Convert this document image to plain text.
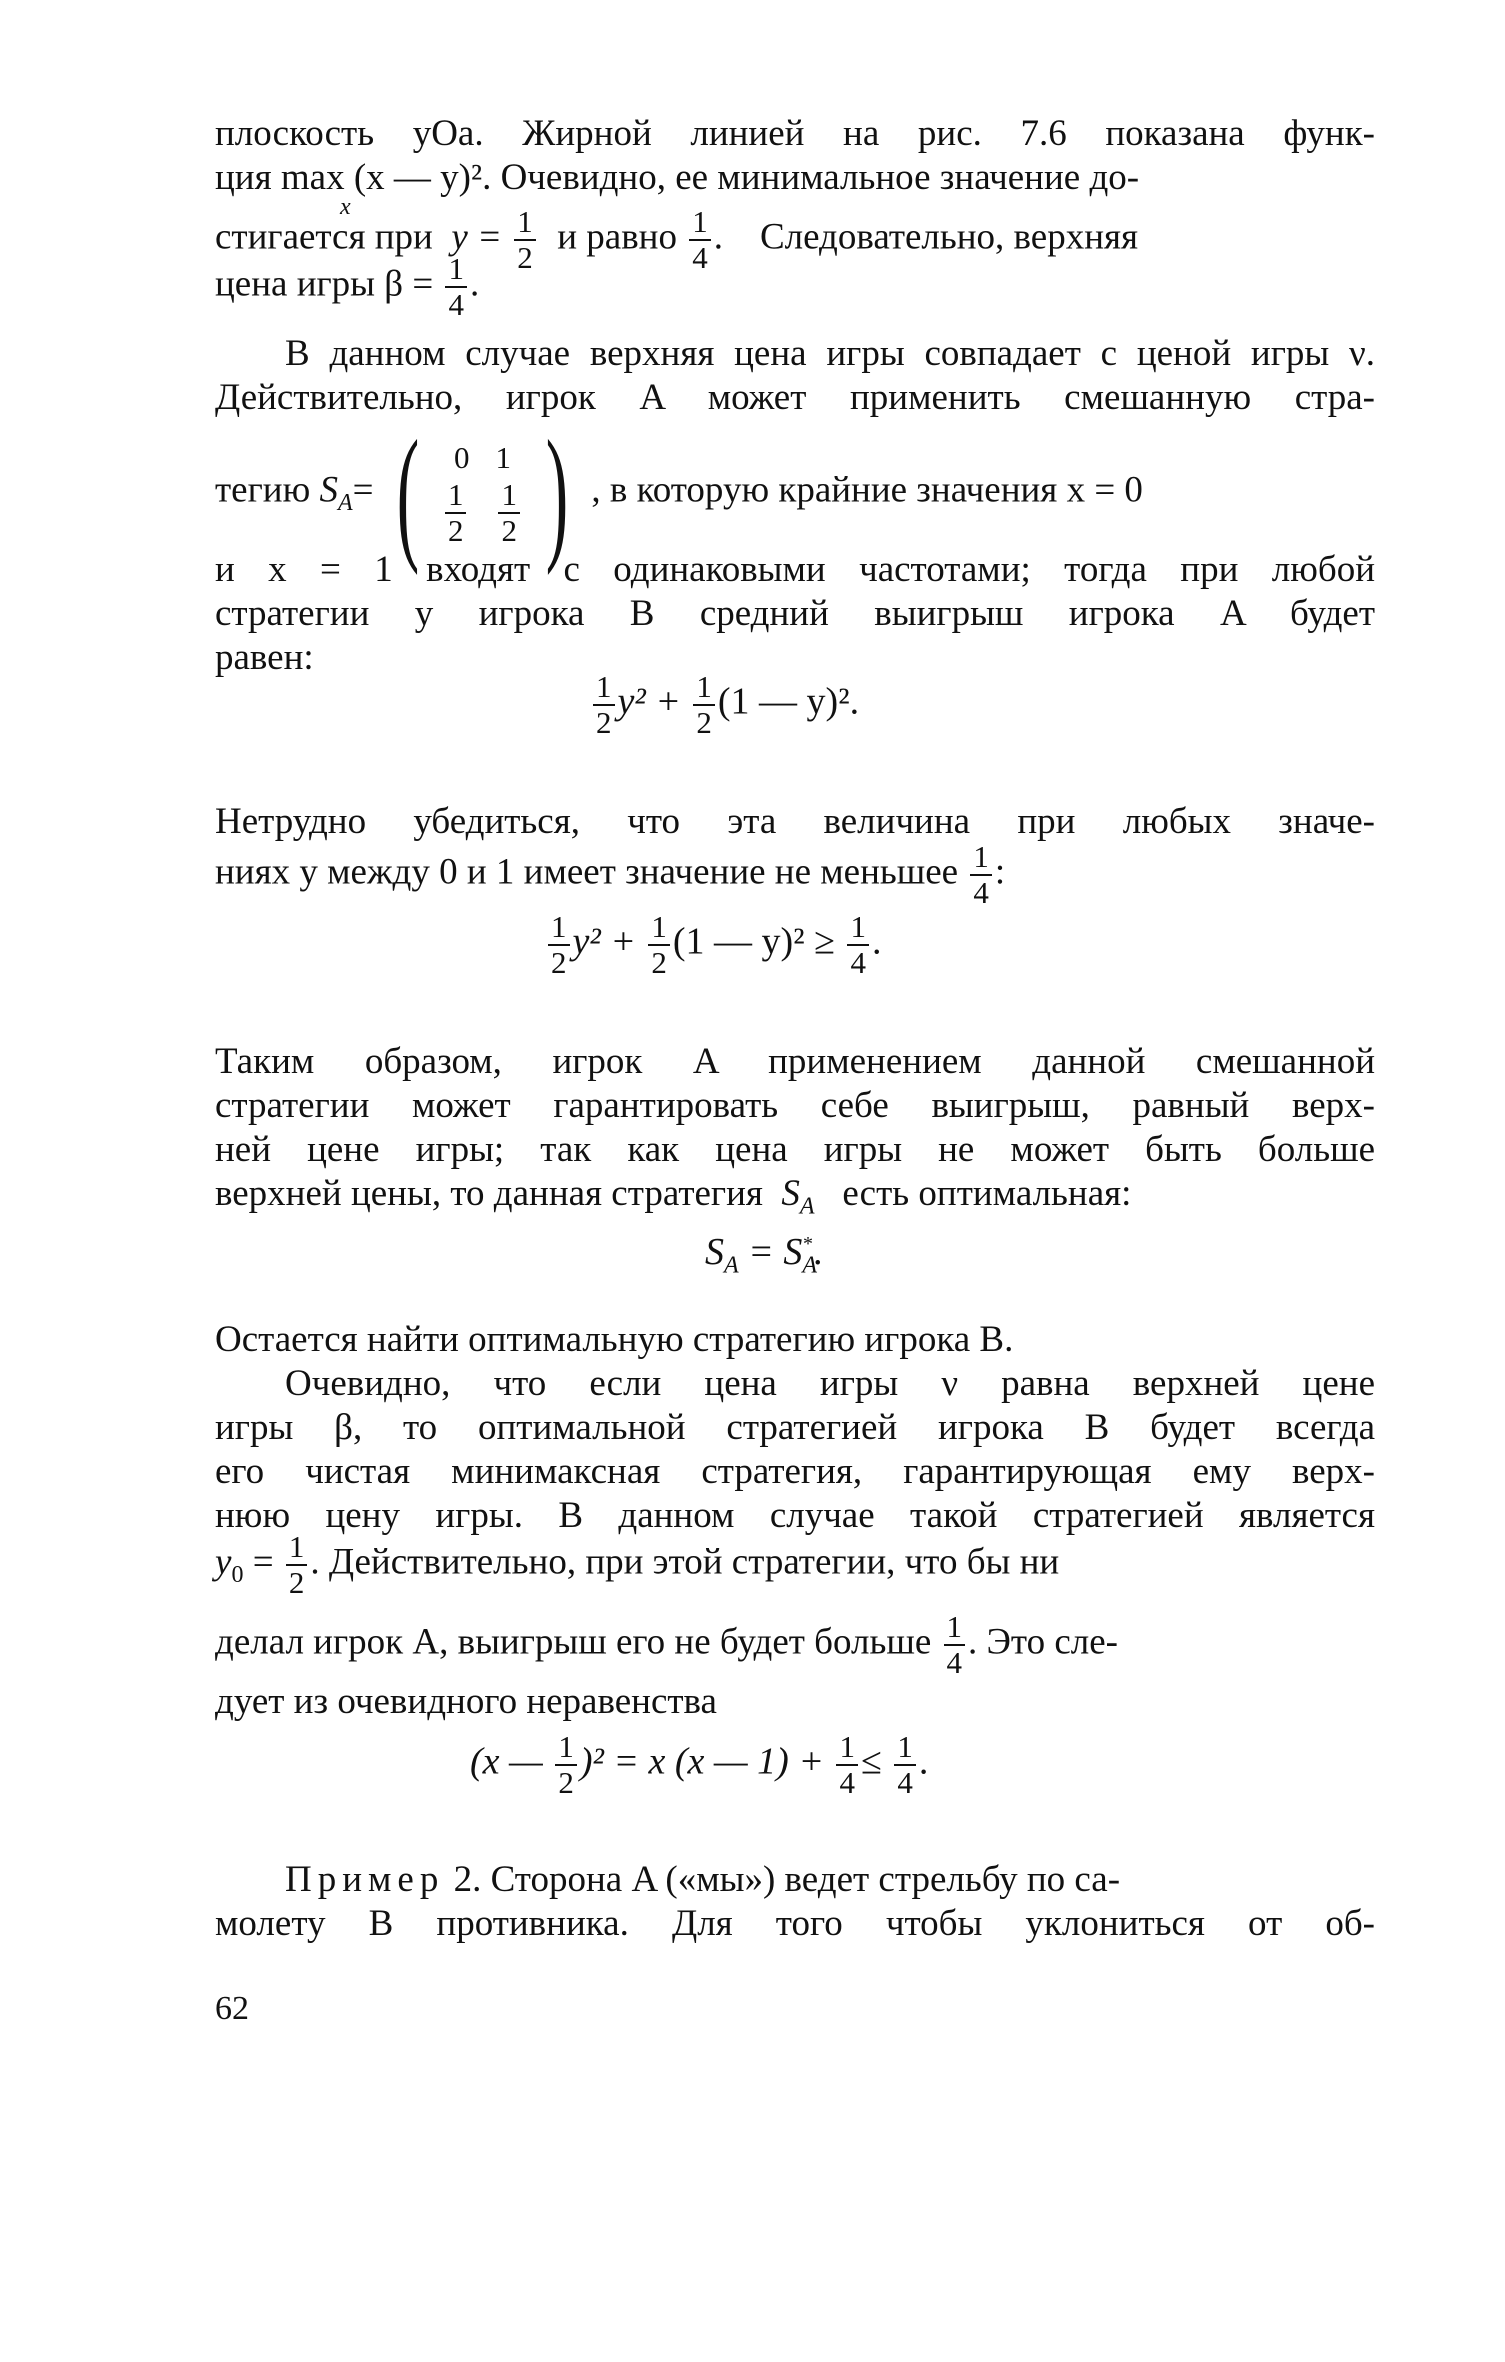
плоскость yOa. Жирной линией на рис. 7.6 показана функ-
ция max (x — y)². Очевидно, ее минимальное значение до-
x
стигается при $y = \frac{1}{2}$ и равно $\frac{1}{4}$ .    Следовательно, верхняя
цена игры $\beta = \frac{1}{4}$ .
В данном случае верхняя цена игры совпадает с ценой игры ν.
Действительно, игрок A может применить смешанную стра-
тегию $S_A=$ ( 0 1
$\frac{1}{2} \frac{1}{2}$ ) , в которую крайние значения x = 0
и x = 1 входят с одинаковыми частотами; тогда при любой
стратегии y игрока B средний выигрыш игрока A будет
равен:
$\frac{1}{2} y^2 + \frac{1}{2} (1$ — y)².
Нетрудно убедиться, что эта величина при любых значе-
ниях y между 0 и 1 имеет значение не меньшее $\frac{1}{4}$ :
$\frac{1}{2} y^2 + \frac{1}{2} (1$ — $y)^2 \ge \frac{1}{4}$ .
Таким образом, игрок A применением данной смешанной
стратегии может гарантировать себе выигрыш, равный верх-
ней цене игры; так как цена игры не может быть больше
верхней цены, то данная стратегия $S_A$ есть оптимальная:
$S_A = S_A^*$.
Остается найти оптимальную стратегию игрока B.
Очевидно, что если цена игры ν равна верхней цене
игры β, то оптимальной стратегией игрока B будет всегда
его чистая минимаксная стратегия, гарантирующая ему верх-
нюю цену игры. В данном случае такой стратегией является
$y_0 = \frac{1}{2}$ . Действительно, при этой стратегии, что бы ни
делал игрок A, выигрыш его не будет больше $\frac{1}{4}$ . Это сле-
дует из очевидного неравенства
(x — $\frac{1}{2} )^2 = x$ (x — $1) + \frac{1}{4} \le \frac{1}{4}$ .
Пример 2. Сторона A («мы») ведет стрельбу по са-
молету B противника. Для того чтобы уклониться от об-
62
